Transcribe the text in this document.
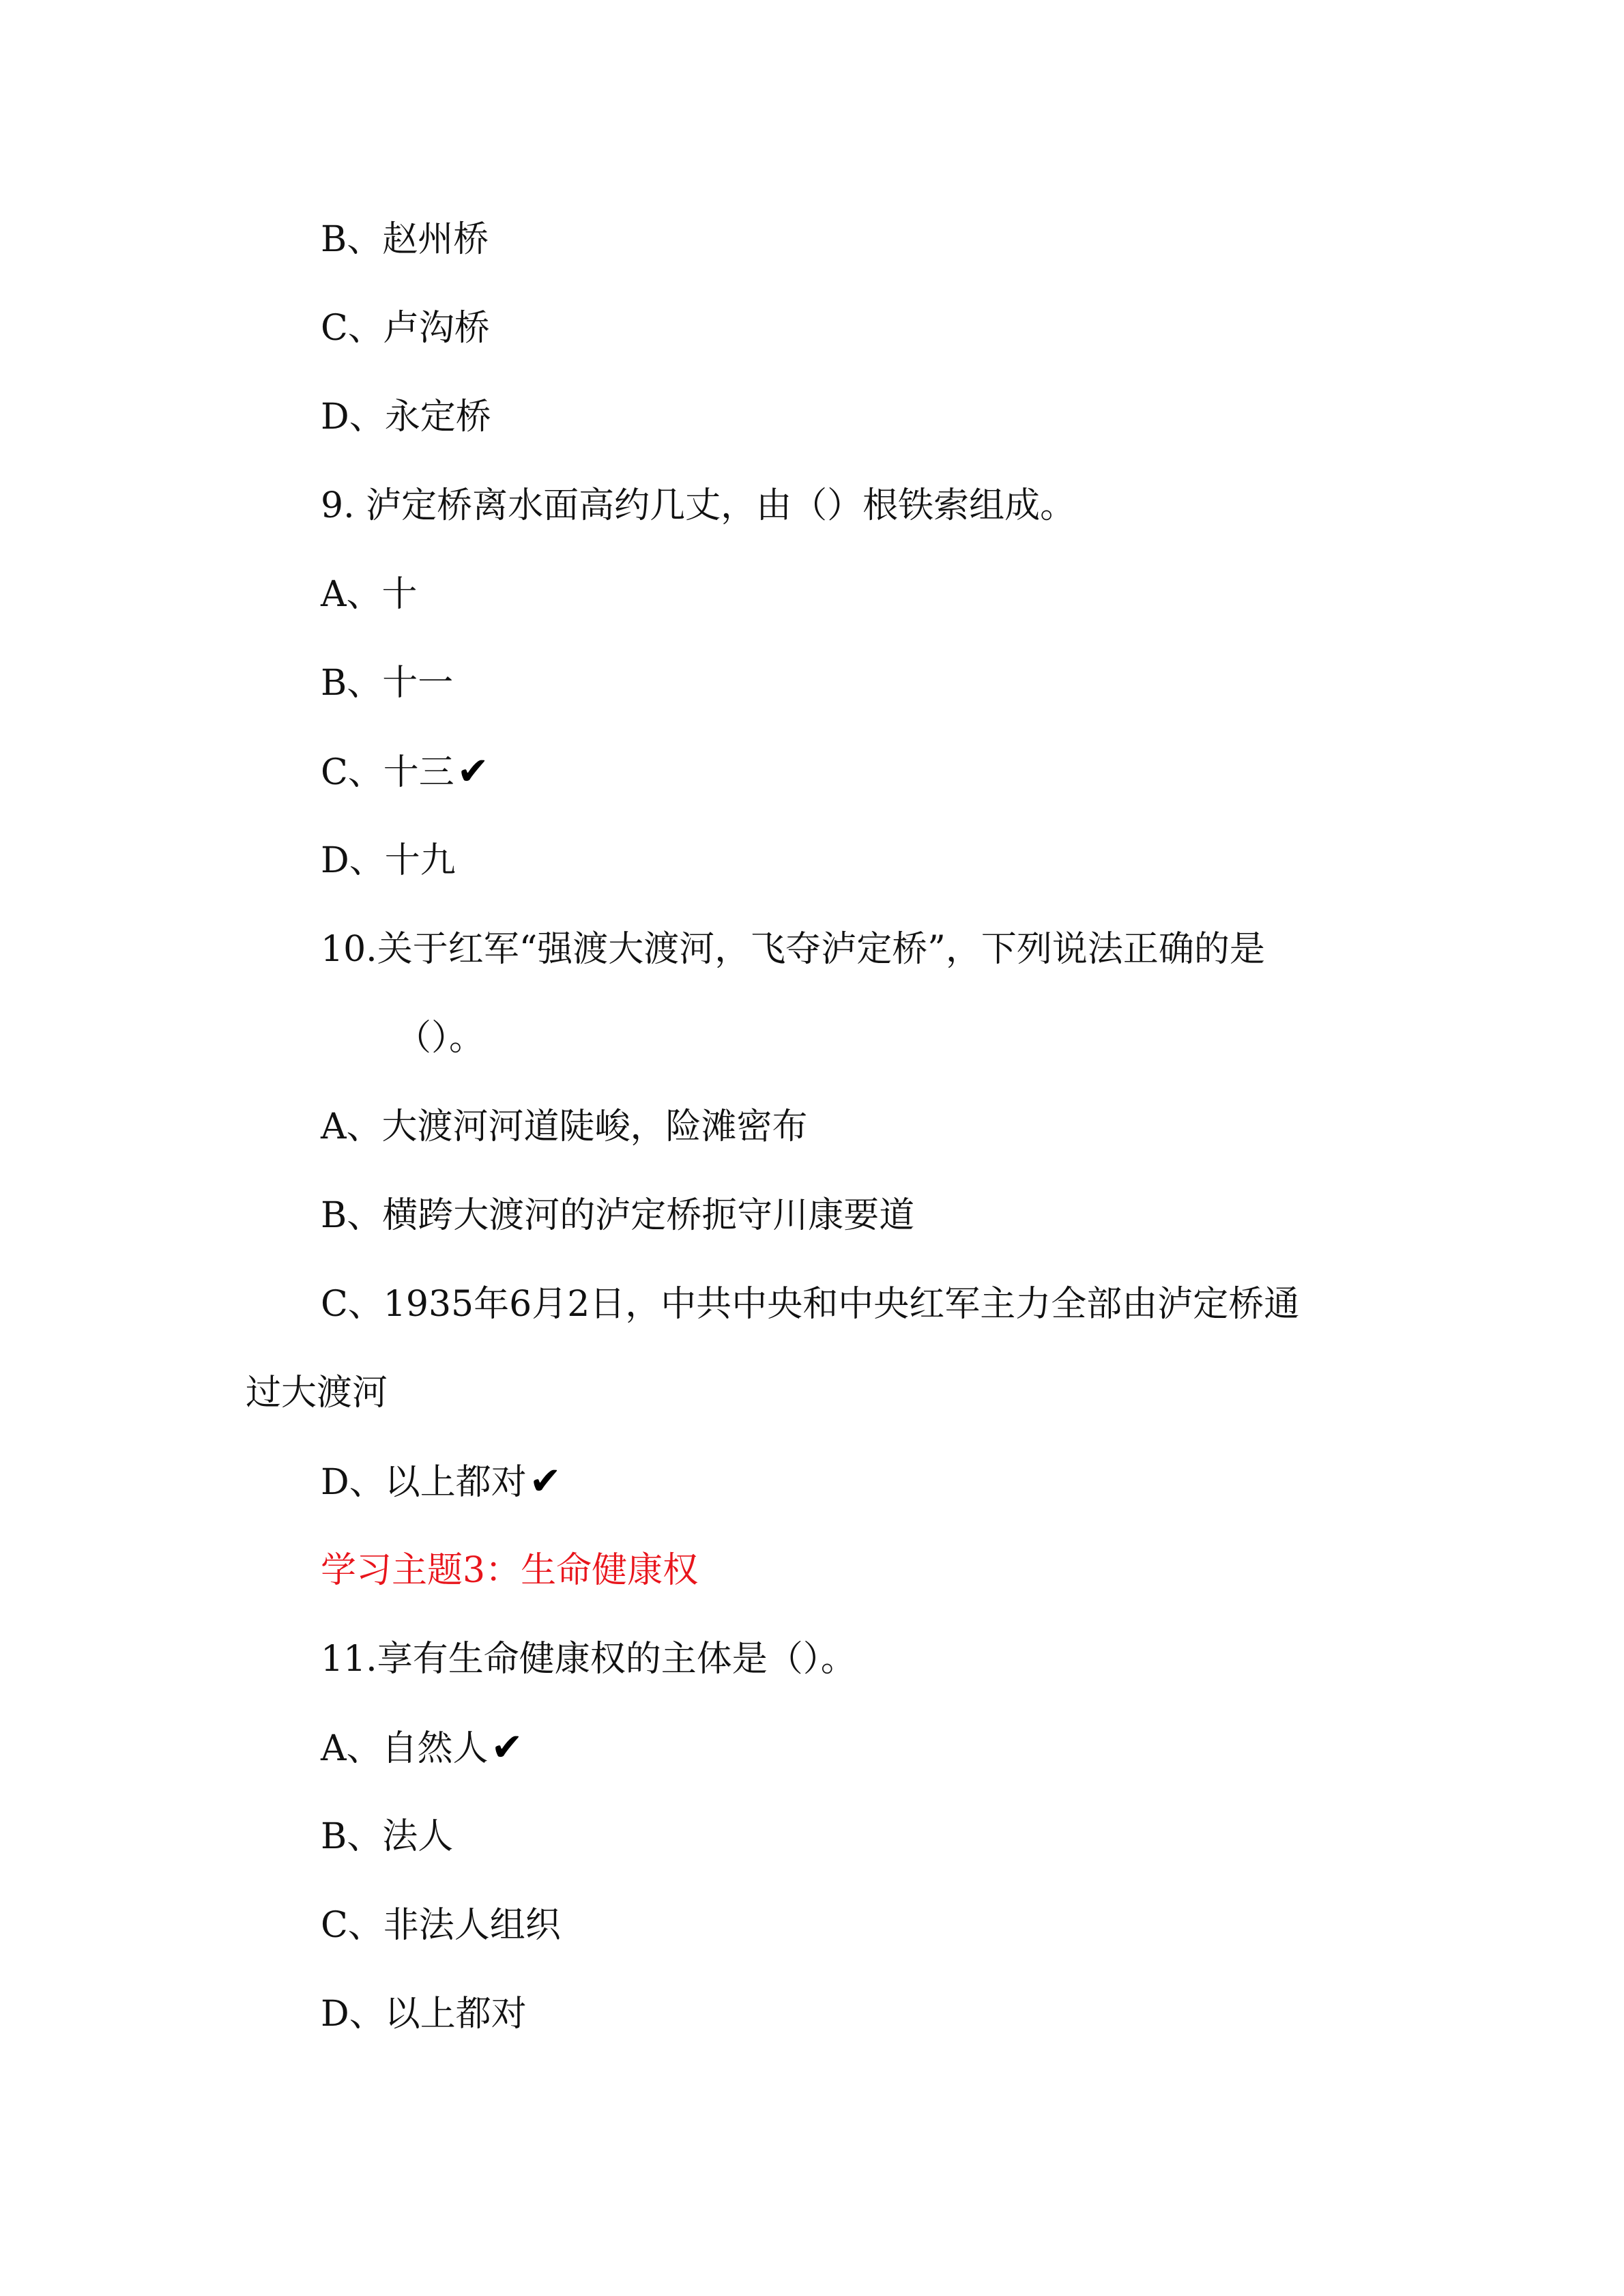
B、赵州桥
C、卢沟桥
D、永定桥
9. 泸定桥离水面高约几丈，由（）根铁索组成。
A、十
B、十一
C、十三✔
D、十九
10.关于红军“强渡大渡河，飞夺泸定桥”，下列说法正确的是
（）。
A、大渡河河道陡峻，险滩密布
B、横跨大渡河的泸定桥扼守川康要道
C、1935年6月2日，中共中央和中央红军主力全部由泸定桥通
过大渡河
D、以上都对✔
学习主题3：生命健康权
11.享有生命健康权的主体是（）。
A、自然人✔
B、法人
C、非法人组织
D、以上都对
